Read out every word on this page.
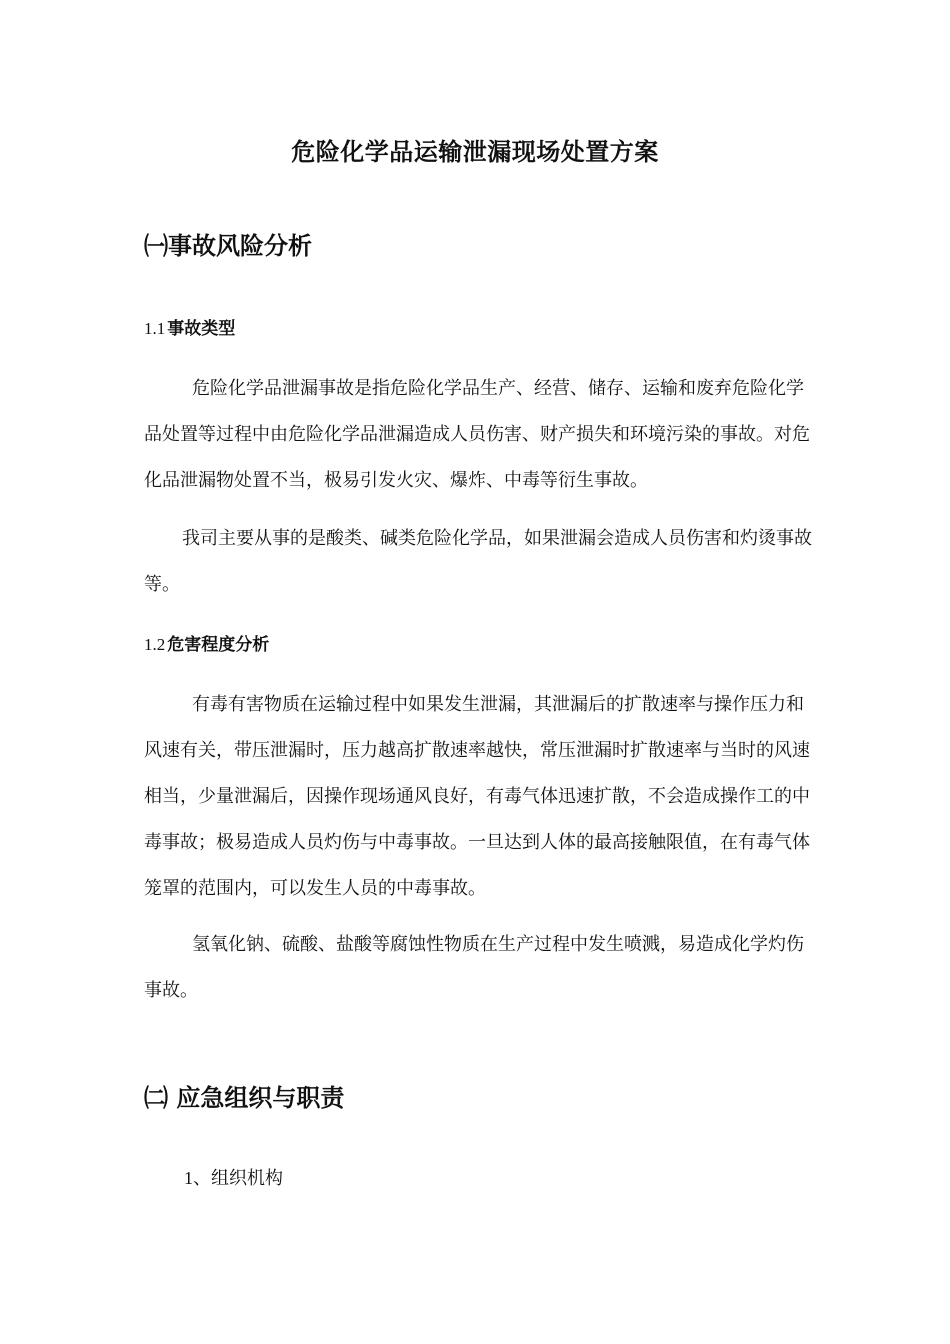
危险化学品运输泄漏现场处置方案
㈠事故风险分析
1.1 事故类型

危险化学品泄漏事故是指危险化学品生产、经营、储存、运输和废弃危险化学品处置等过程中由危险化学品泄漏造成人员伤害、财产损失和环境污染的事故。对危化品泄漏物处置不当，极易引发火灾、爆炸、中毒等衍生事故。

我司主要从事的是酸类、碱类危险化学品，如果泄漏会造成人员伤害和灼烫事故等。

1.2 危害程度分析

有毒有害物质在运输过程中如果发生泄漏，其泄漏后的扩散速率与操作压力和风速有关，带压泄漏时，压力越高扩散速率越快，常压泄漏时扩散速率与当时的风速相当，少量泄漏后，因操作现场通风良好，有毒气体迅速扩散，不会造成操作工的中毒事故；极易造成人员灼伤与中毒事故。一旦达到人体的最高接触限值，在有毒气体笼罩的范围内，可以发生人员的中毒事故。

氢氧化钠、硫酸、盐酸等腐蚀性物质在生产过程中发生喷溅，易造成化学灼伤事故。

㈡ 应急组织与职责
1、组织机构
